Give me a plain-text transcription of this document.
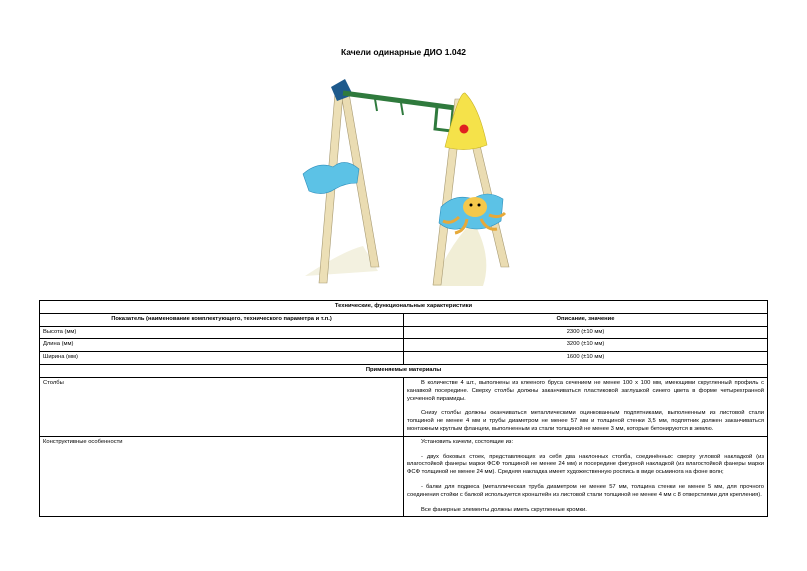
Качели одинарные ДИО 1.042
Технические, функциональные характеристики	
Показатель (наименование комплектующего, технического параметра и т.п.)	Описание, значение
Высота (мм)	2300 (±10 мм)
Длина (мм)	3200 (±10 мм)
Ширина (мм)	1600 (±10 мм)
Применяемые материалы	
Столбы	В количестве 4 шт., выполнены из клееного бруса сечением не менее 100 х 100 мм, имеющими скругленный профиль с канавкой посередине. Сверху столбы должны заканчиваться пластиковой заглушкой синего цвета в форме четырехгранной усеченной пирамиды.

Снизу столбы должны оканчиваться металлическими оцинкованным подпятниками, выполненным из листовой стали толщиной не менее 4 мм и трубы диаметром не менее 57 мм и толщиной стенки 3,5 мм, подпятник должен заканчиваться монтажным круглым фланцем, выполненным из стали толщиной не менее 3 мм, которые бетонируются в землю.

Конструктивные особенности	Установить качели, состоящие из:

- двух боковых стоек, представляющих из себя два наклонных столба, соединённых: сверху угловой накладкой (из влагостойкой фанеры марки ФСФ толщиной не менее 24 мм) и посередине фигурной накладкой (из влагостойкой фанеры марки ФСФ толщиной не менее 24 мм). Средняя накладка имеет художественную роспись в виде осьминога на фоне волн;

- балки для подвеса (металлическая труба диаметром не менее 57 мм, толщина стенки не менее 5 мм, для прочного соединения стойки с балкой используется кронштейн из листовой стали толщиной не менее 4 мм с 8 отверстиями для крепления).

Все фанерные элементы должны иметь скругленные кромки.
